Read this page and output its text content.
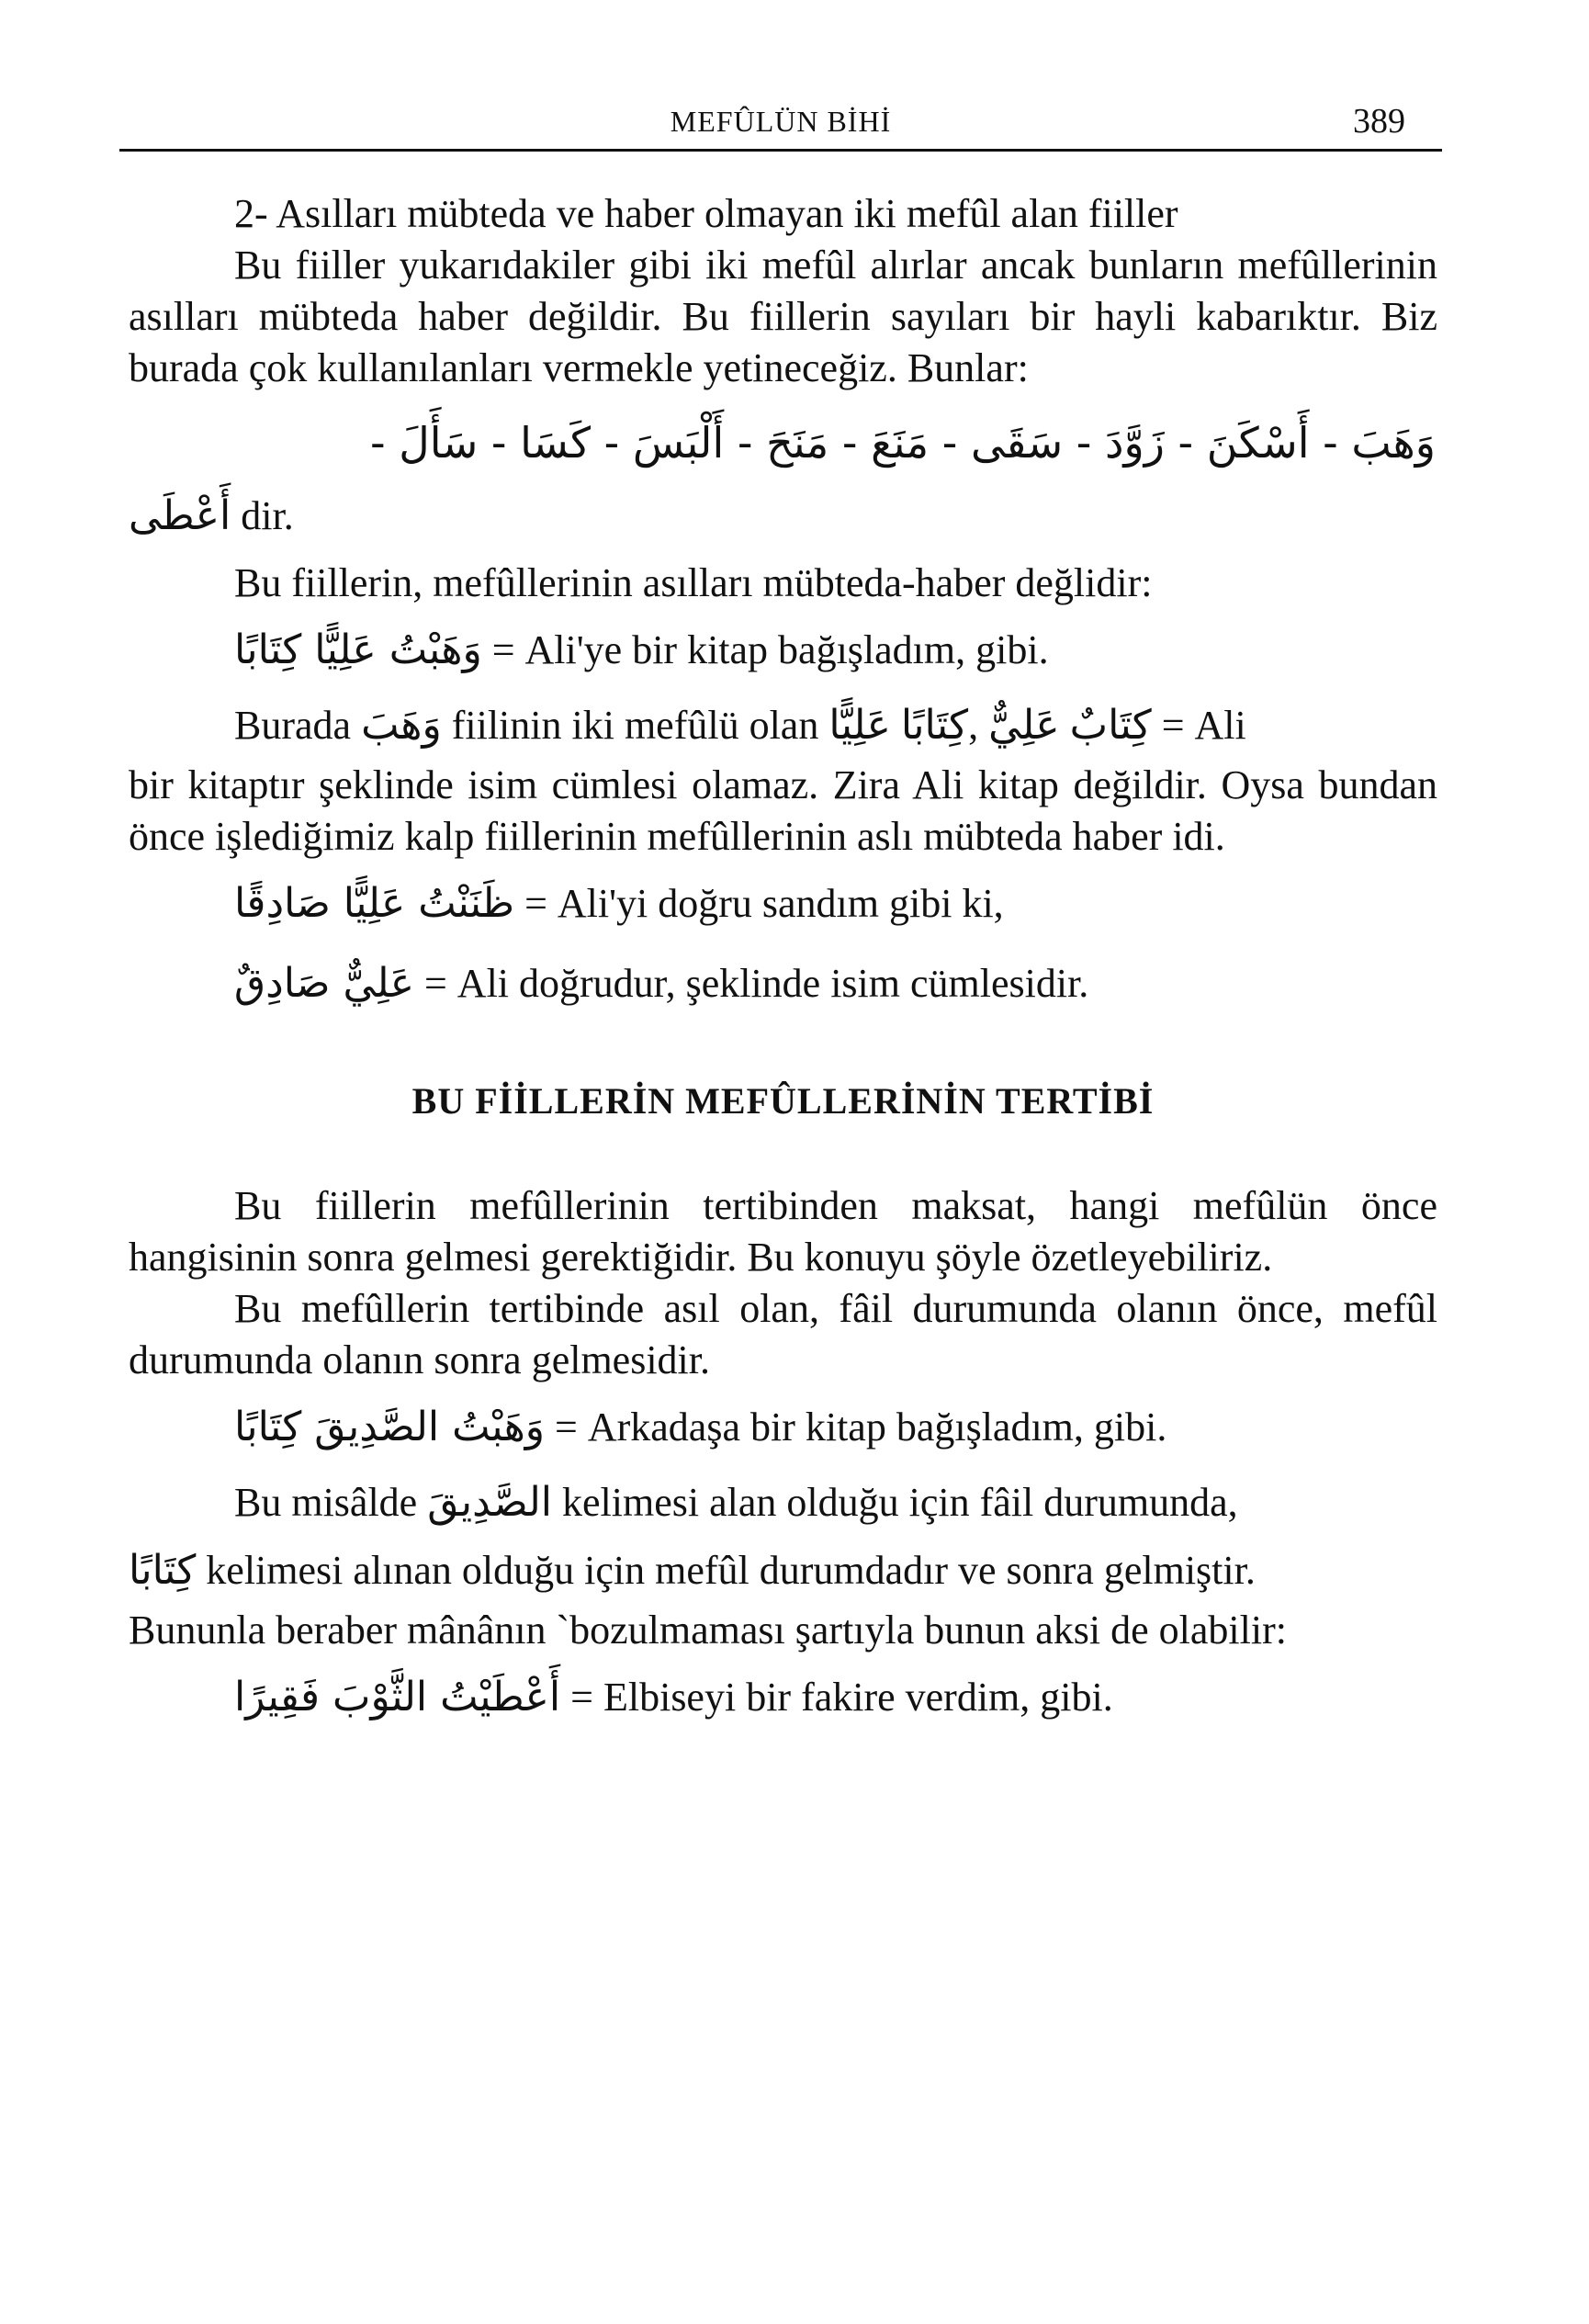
MEFÛLÜN BİHİ	389

2- Asılları mübteda ve haber olmayan iki mefûl alan fiiller

Bu fiiller yukarıdakiler gibi iki mefûl alırlar ancak bunların mefûllerinin asılları mübteda haber değildir. Bu fiillerin sayıları bir hayli kabarıktır. Biz burada çok kullanılanları vermekle yetineceğiz. Bunlar:

وَهَبَ - أَسْكَنَ - زَوَّدَ - سَقَى - مَنَعَ - مَنَحَ - أَلْبَسَ - كَسَا - سَأَلَ -
أَعْطَى dir.

Bu fiillerin, mefûllerinin asılları mübteda-haber değlidir:

وَهَبْتُ عَلِيًّا كِتَابًا = Ali'ye bir kitap bağışladım, gibi.

Burada وَهَبَ fiilinin iki mefûlü olan عَلِيًّا كِتَابًا, عَلِيٌّ كِتَابٌ = Ali

bir kitaptır şeklinde isim cümlesi olamaz. Zira Ali kitap değildir. Oysa bundan önce işlediğimiz kalp fiillerinin mefûllerinin aslı mübteda haber idi.

ظَنَنْتُ عَلِيًّا صَادِقًا = Ali'yi doğru sandım gibi ki,
عَلِيٌّ صَادِقٌ = Ali doğrudur, şeklinde isim cümlesidir.
BU FİİLLERİN MEFÛLLERİNİN TERTİBİ

Bu fiillerin mefûllerinin tertibinden maksat, hangi mefûlün önce hangisinin sonra gelmesi gerektiğidir. Bu konuyu şöyle özetleyebiliriz.

Bu mefûllerin tertibinde asıl olan, fâil durumunda olanın önce, mefûl durumunda olanın sonra gelmesidir.

وَهَبْتُ الصَّدِيقَ كِتَابًا = Arkadaşa bir kitap bağışladım, gibi.

Bu misâlde الصَّدِيقَ kelimesi alan olduğu için fâil durumunda,

كِتَابًا kelimesi alınan olduğu için mefûl durumdadır ve sonra gelmiştir.

Bununla beraber mânânın `bozulmaması şartıyla bunun aksi de olabilir:

أَعْطَيْتُ الثَّوْبَ فَقِيرًا = Elbiseyi bir fakire verdim, gibi.
